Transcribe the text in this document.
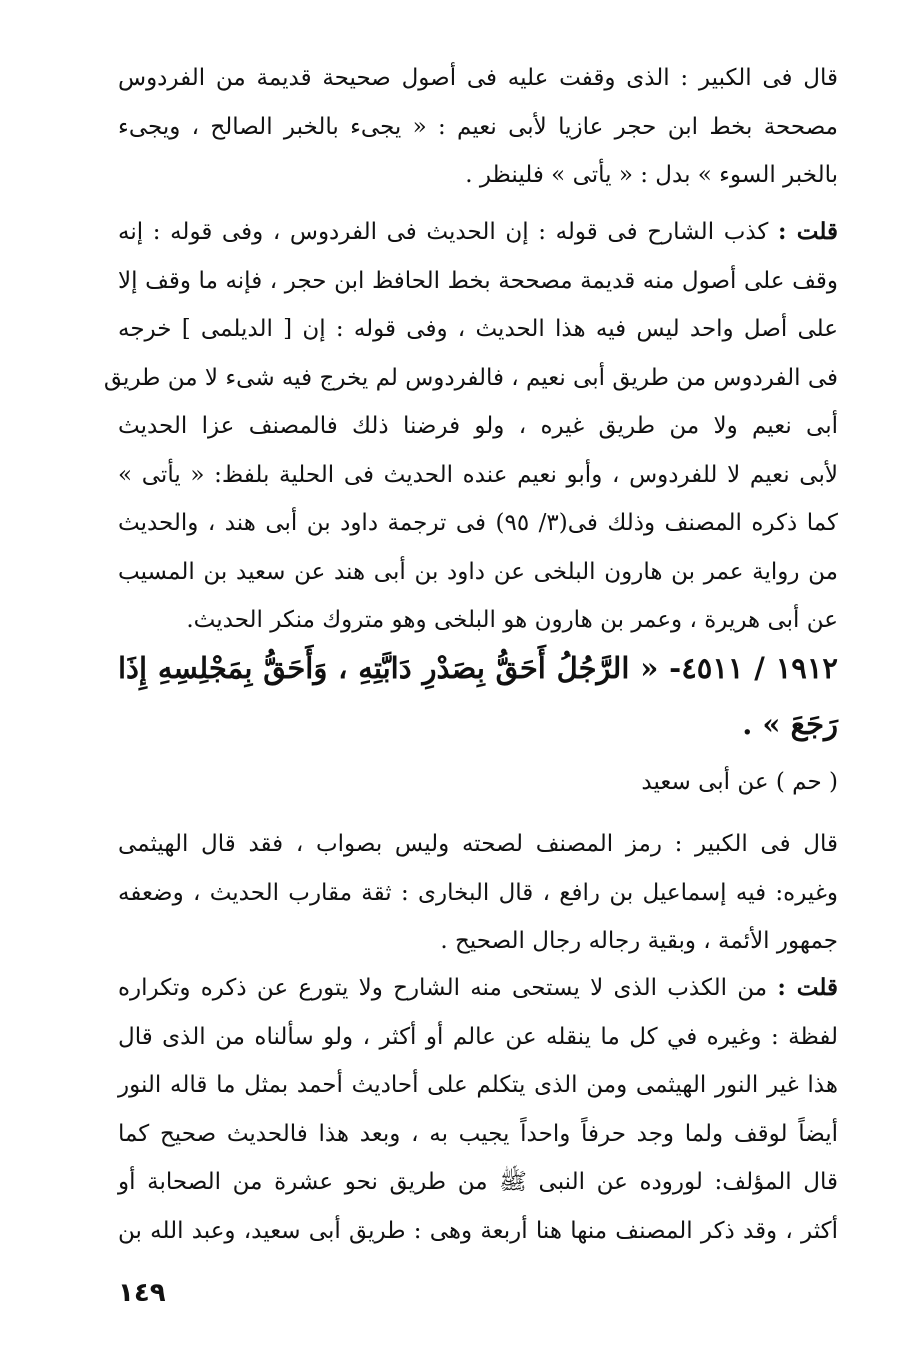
قال فى الكبير : الذى وقفت عليه فى أصول صحيحة قديمة من الفردوس
مصححة بخط ابن حجر عازيا لأبى نعيم : « يجىء بالخبر الصالح ، ويجىء
بالخبر السوء » بدل : « يأتى » فلينظر .
قلت : كذب الشارح فى قوله : إن الحديث فى الفردوس ، وفى قوله : إنه
وقف على أصول منه قديمة مصححة بخط الحافظ ابن حجر ، فإنه ما وقف إلا
على أصل واحد ليس فيه هذا الحديث ، وفى قوله : إن [ الديلمى ] خرجه
فى الفردوس من طريق أبى نعيم ، فالفردوس لم يخرج فيه شىء لا من طريق
أبى نعيم ولا من طريق غيره ، ولو فرضنا ذلك فالمصنف عزا الحديث
لأبى نعيم لا للفردوس ، وأبو نعيم عنده الحديث فى الحلية بلفظ: « يأتى »
كما ذكره المصنف وذلك فى(٣/ ٩٥) فى ترجمة داود بن أبى هند ، والحديث
من رواية عمر بن هارون البلخى عن داود بن أبى هند عن سعيد بن المسيب
عن أبى هريرة ، وعمر بن هارون هو البلخى وهو متروك منكر الحديث.
١٩١٢ / ٤٥١١- « الرَّجُلُ أَحَقُّ بِصَدْرِ دَابَّتِهِ ، وَأَحَقُّ بِمَجْلِسِهِ إِذَا
رَجَعَ » .
( حم ) عن أبى سعيد
قال فى الكبير : رمز المصنف لصحته وليس بصواب ، فقد قال الهيثمى
وغيره: فيه إسماعيل بن رافع ، قال البخارى : ثقة مقارب الحديث ، وضعفه
جمهور الأئمة ، وبقية رجاله رجال الصحيح .
قلت : من الكذب الذى لا يستحى منه الشارح ولا يتورع عن ذكره وتكراره
لفظة : وغيره في كل ما ينقله عن عالم أو أكثر ، ولو سألناه من الذى قال
هذا غير النور الهيثمى ومن الذى يتكلم على أحاديث أحمد بمثل ما قاله النور
أيضاً لوقف ولما وجد حرفاً واحداً يجيب به ، وبعد هذا فالحديث صحيح كما
قال المؤلف: لوروده عن النبى ﷺ من طريق نحو عشرة من الصحابة أو
أكثر ، وقد ذكر المصنف منها هنا أربعة وهى : طريق أبى سعيد، وعبد الله بن
١٤٩
